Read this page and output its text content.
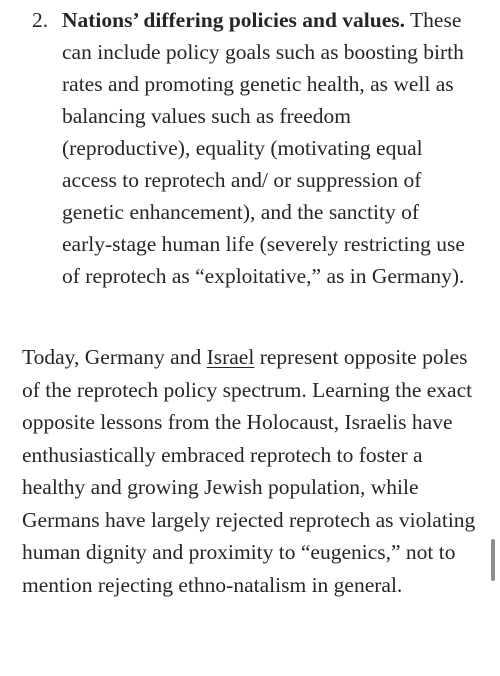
2. Nations’ differing policies and values. These can include policy goals such as boosting birth rates and promoting genetic health, as well as balancing values such as freedom (reproductive), equality (motivating equal access to reprotech and/ or suppression of genetic enhancement), and the sanctity of early-stage human life (severely restricting use of reprotech as “exploitative,” as in Germany).

Today, Germany and Israel represent opposite poles of the reprotech policy spectrum. Learning the exact opposite lessons from the Holocaust, Israelis have enthusiastically embraced reprotech to foster a healthy and growing Jewish population, while Germans have largely rejected reprotech as violating human dignity and proximity to “eugenics,” not to mention rejecting ethno-natalism in general.
